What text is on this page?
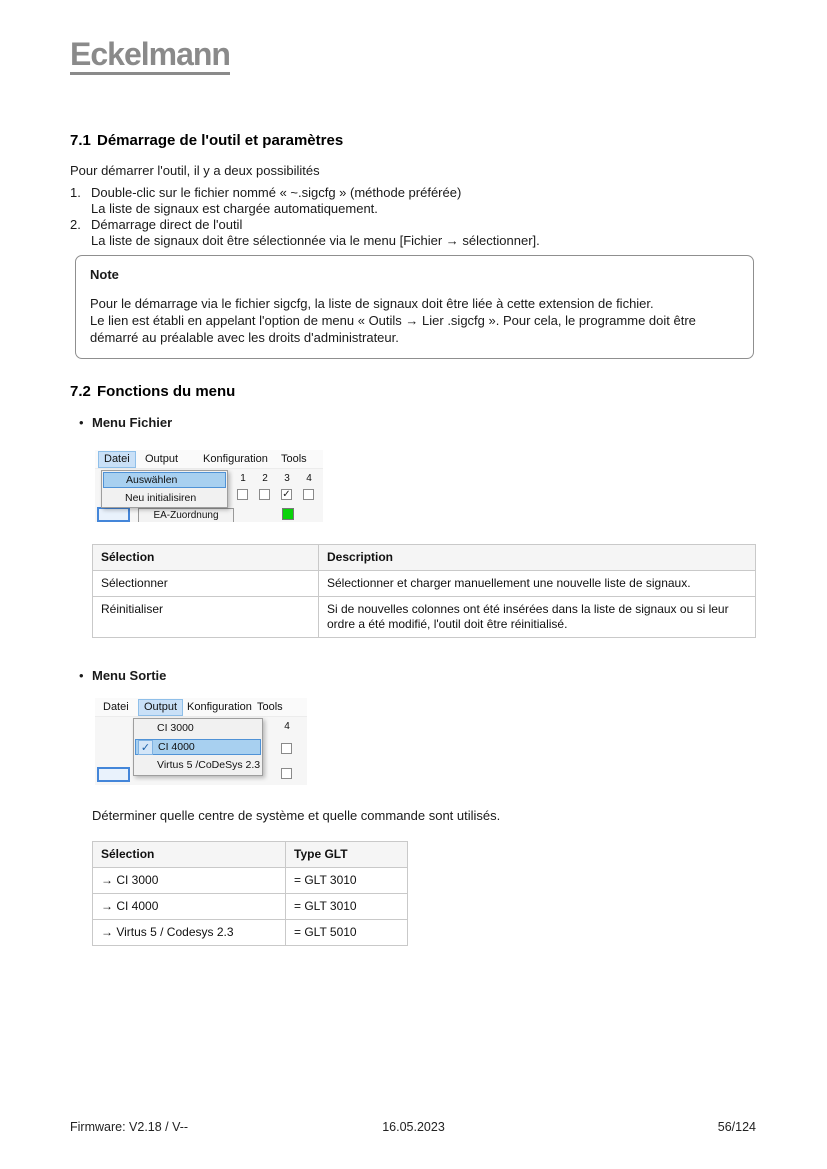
Eckelmann
7.1 Démarrage de l'outil et paramètres
Pour démarrer l'outil, il y a deux possibilités
1. Double-clic sur le fichier nommé « ~.sigcfg » (méthode préférée)
La liste de signaux est chargée automatiquement.
2. Démarrage direct de l'outil
La liste de signaux doit être sélectionnée via le menu [Fichier → sélectionner].
Note
Pour le démarrage via le fichier sigcfg, la liste de signaux doit être liée à cette extension de fichier.
Le lien est établi en appelant l'option de menu « Outils → Lier .sigcfg ». Pour cela, le programme doit être démarré au préalable avec les droits d'administrateur.
7.2 Fonctions du menu
• Menu Fichier
Datei	Output	Konfiguration	Tools
1	2	3	4
✓
EA-Zuordnung
Auswählen
Neu initialisiren
Sélection	Description
Sélectionner	Sélectionner et charger manuellement une nouvelle liste de signaux.
Réinitialiser	Si de nouvelles colonnes ont été insérées dans la liste de signaux ou si leur ordre a été modifié, l'outil doit être réinitialisé.
• Menu Sortie
Datei	Output Konfiguration Tools
4
CI 3000
✓ CI 4000
Virtus 5 /CoDeSys 2.3
Déterminer quelle centre de système et quelle commande sont utilisés.
Sélection	Type GLT
→ CI 3000	= GLT 3010
→ CI 4000	= GLT 3010
→ Virtus 5 / Codesys 2.3	= GLT 5010
Firmware: V2.18 / V--	16.05.2023	56/124
